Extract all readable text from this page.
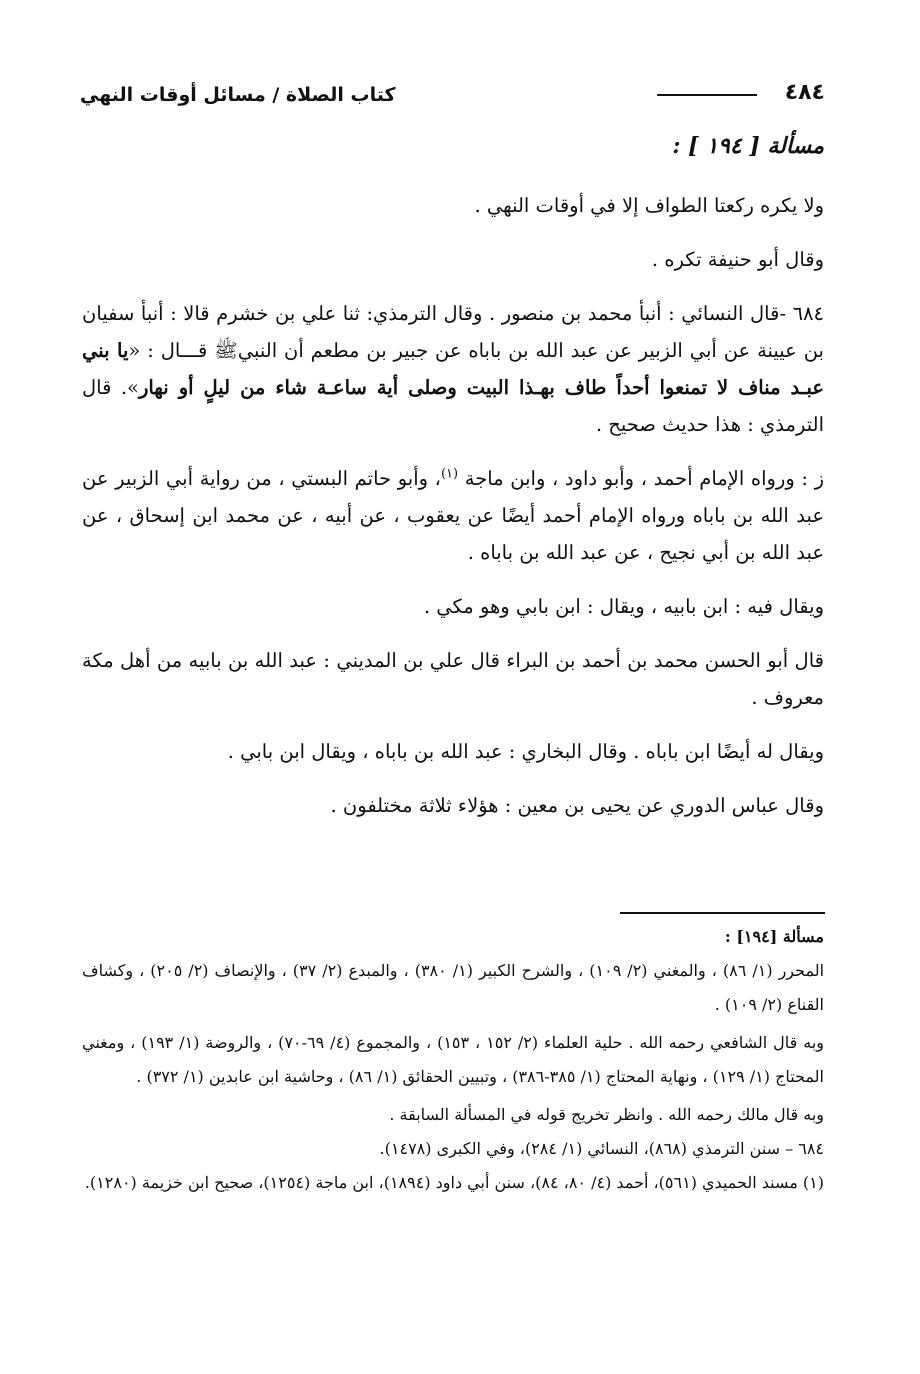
٤٨٤
كتاب الصلاة / مسائل أوقات النهي

مسألة [ ١٩٤ ] :

ولا يكره ركعتا الطواف إلا في أوقات النهي .

وقال أبو حنيفة تكره .

٦٨٤ -قال النسائي : أنبأ محمد بن منصور . وقال الترمذي: ثنا علي بن خشرم قالا : أنبأ سفيان بن عيينة عن أبي الزبير عن عبد الله بن باباه عن جبير بن مطعم أن النبيﷺ قـــال : «يا بني عبـد مناف لا تمنعوا أحداً طاف بهـذا البيت وصلى أية ساعـة شاء من ليلٍ أو نهار». قال الترمذي : هذا حديث صحيح .

ز : ورواه الإمام أحمد ، وأبو داود ، وابن ماجة $^{(١)}$، وأبو حاتم البستي ، من رواية أبي الزبير عن عبد الله بن باباه ورواه الإمام أحمد أيضًا عن يعقوب ، عن أبيه ، عن محمد ابن إسحاق ، عن عبد الله بن أبي نجيح ، عن عبد الله بن باباه .

ويقال فيه : ابن بابيه ، ويقال : ابن بابي وهو مكي .

قال أبو الحسن محمد بن أحمد بن البراء قال علي بن المديني : عبد الله بن بابيه من أهل مكة معروف .

ويقال له أيضًا ابن باباه . وقال البخاري : عبد الله بن باباه ، ويقال ابن بابي .

وقال عباس الدوري عن يحيى بن معين : هؤلاء ثلاثة مختلفون .

مسألة [١٩٤] :

المحرر (١/ ٨٦) ، والمغني (٢/ ١٠٩) ، والشرح الكبير (١/ ٣٨٠) ، والمبدع (٢/ ٣٧) ، والإنصاف (٢/ ٢٠٥) ، وكشاف القناع (٢/ ١٠٩) .

وبه قال الشافعي رحمه الله . حلية العلماء (٢/ ١٥٢ ، ١٥٣) ، والمجموع (٤/ ٦٩-٧٠) ، والروضة (١/ ١٩٣) ، ومغني المحتاج (١/ ١٢٩) ، ونهاية المحتاج (١/ ٣٨٥-٣٨٦) ، وتبيين الحقائق (١/ ٨٦) ، وحاشية ابن عابدين (١/ ٣٧٢) .

وبه قال مالك رحمه الله . وانظر تخريج قوله في المسألة السابقة .

٦٨٤ – سنن الترمذي (٨٦٨)، النسائي (١/ ٢٨٤)، وفي الكبرى (١٤٧٨).

(١) مسند الحميدي (٥٦١)، أحمد (٤/ ٨٠، ٨٤)، سنن أبي داود (١٨٩٤)، ابن ماجة (١٢٥٤)، صحيح ابن خزيمة (١٢٨٠).
